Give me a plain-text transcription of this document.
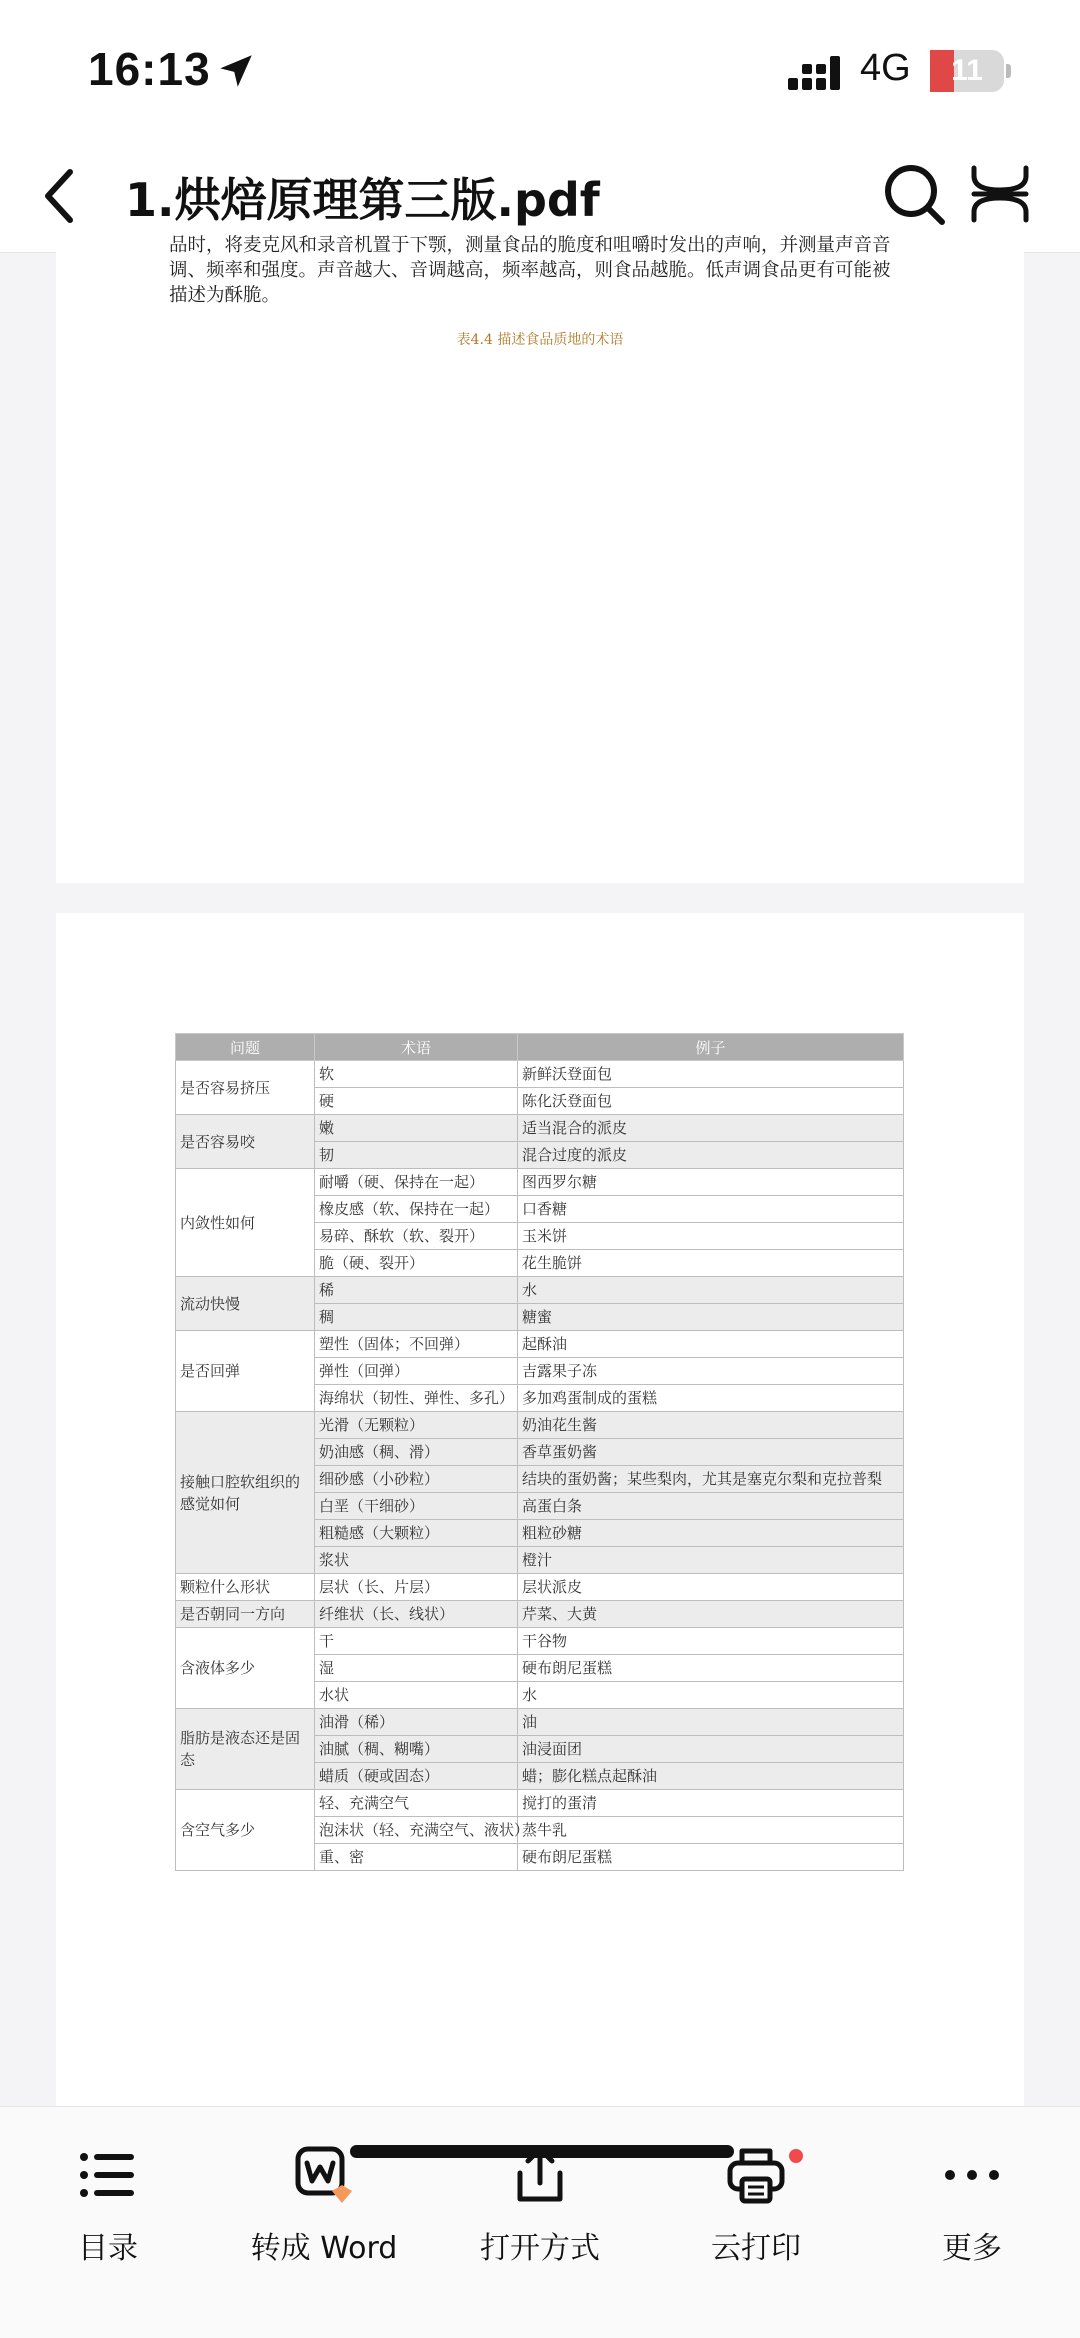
16:13	4G	11
1.烘焙原理第三版.pdf
品时，将麦克风和录音机置于下颚，测量食品的脆度和咀嚼时发出的声响，并测量声音音
调、频率和强度。声音越大、音调越高，频率越高，则食品越脆。低声调食品更有可能被
描述为酥脆。
表4.4 描述食品质地的术语
问题	术语	例子
是否容易挤压	软	新鲜沃登面包
	硬	陈化沃登面包
是否容易咬	嫩	适当混合的派皮
	韧	混合过度的派皮
内敛性如何	耐嚼（硬、保持在一起）	图西罗尔糖
	橡皮感（软、保持在一起）	口香糖
	易碎、酥软（软、裂开）	玉米饼
	脆（硬、裂开）	花生脆饼
流动快慢	稀	水
	稠	糖蜜
是否回弹	塑性（固体；不回弹）	起酥油
	弹性（回弹）	吉露果子冻
	海绵状（韧性、弹性、多孔）	多加鸡蛋制成的蛋糕
接触口腔软组织的感觉如何	光滑（无颗粒）	奶油花生酱
	奶油感（稠、滑）	香草蛋奶酱
	细砂感（小砂粒）	结块的蛋奶酱；某些梨肉，尤其是塞克尔梨和克拉普梨
	白垩（干细砂）	高蛋白条
	粗糙感（大颗粒）	粗粒砂糖
	浆状	橙汁
颗粒什么形状	层状（长、片层）	层状派皮
是否朝同一方向	纤维状（长、线状）	芹菜、大黄
含液体多少	干	干谷物
	湿	硬布朗尼蛋糕
	水状	水
脂肪是液态还是固态	油滑（稀）	油
	油腻（稠、糊嘴）	油浸面团
	蜡质（硬或固态）	蜡；膨化糕点起酥油
含空气多少	轻、充满空气	搅打的蛋清
	泡沫状（轻、充满空气、液状）	蒸牛乳
	重、密	硬布朗尼蛋糕
目录	转成 Word	打开方式	云打印	更多
